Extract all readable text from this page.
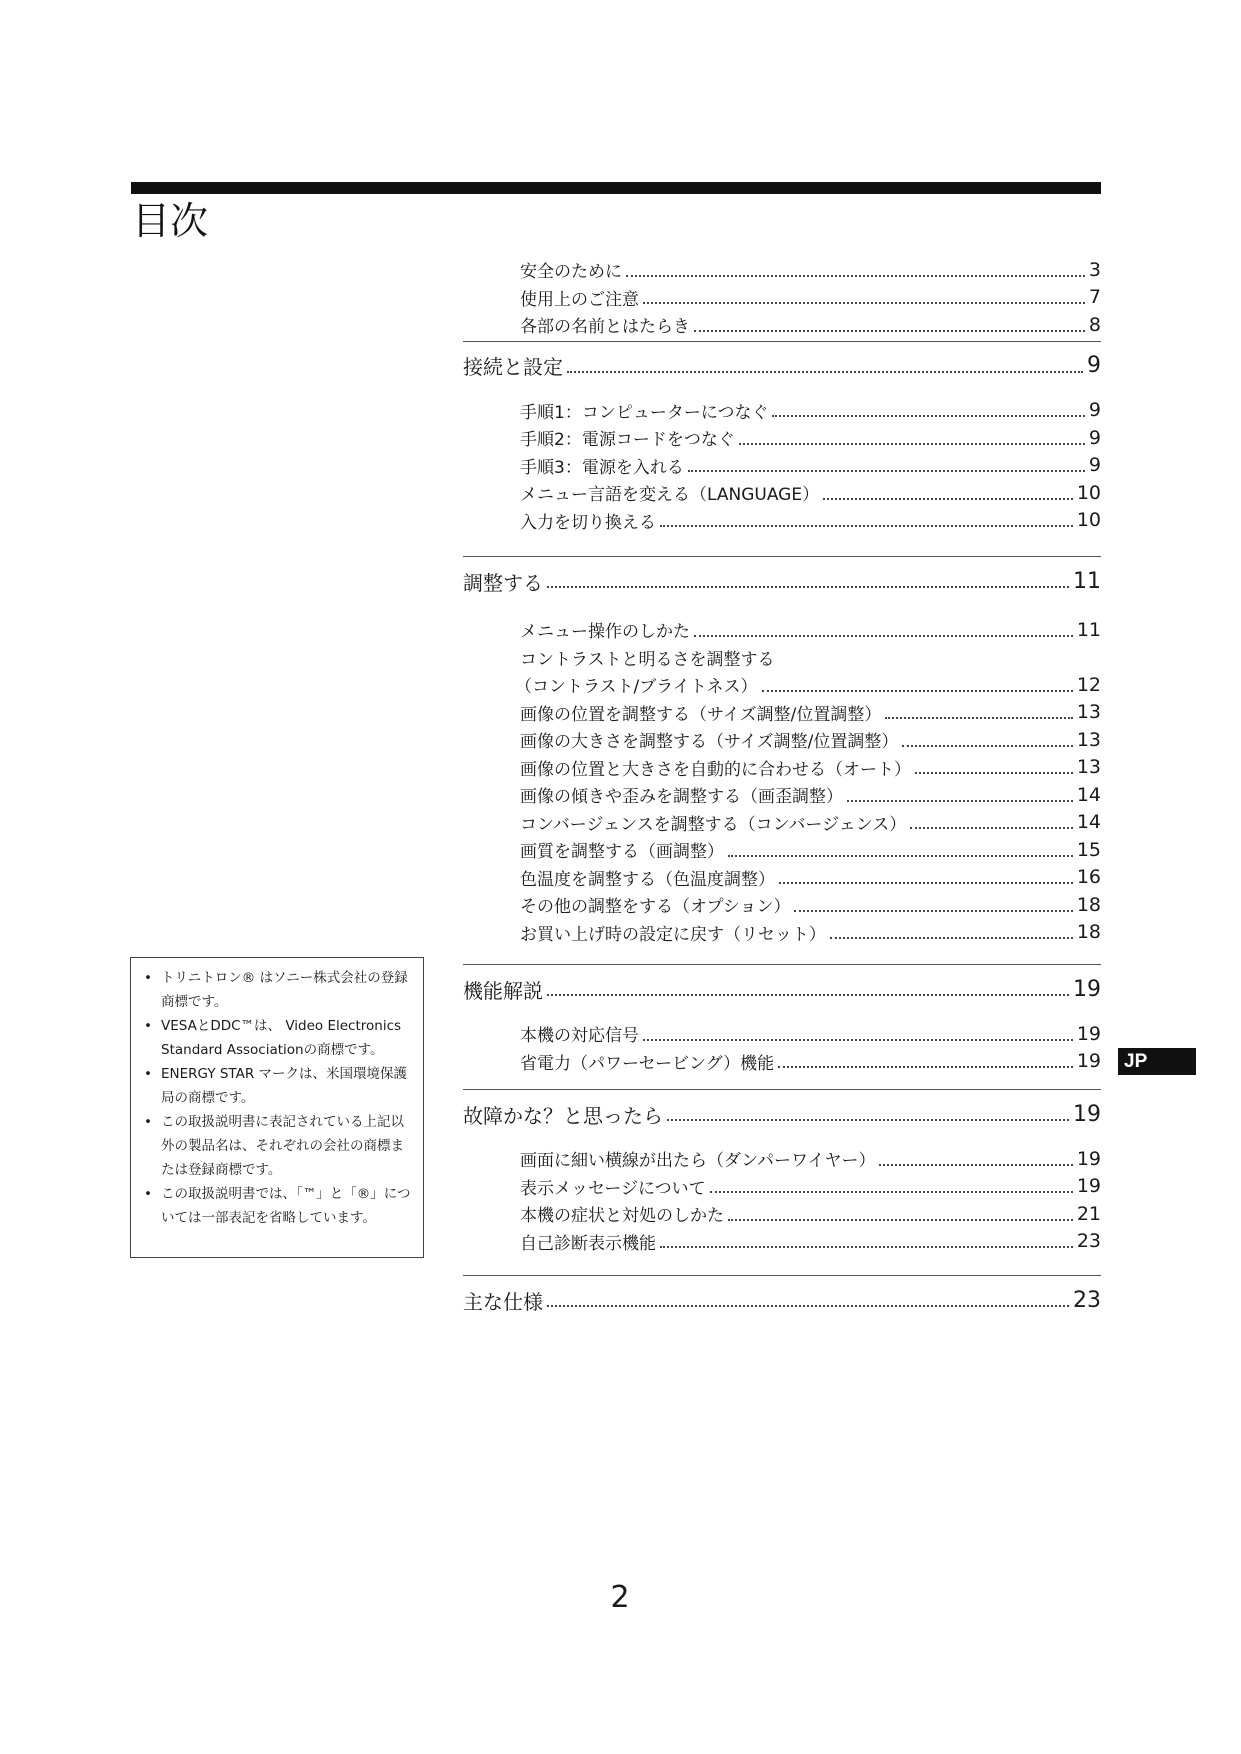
目次
安全のために	3
使用上のご注意	7
各部の名前とはたらき	8
接続と設定	9
手順1：コンピューターにつなぐ	9
手順2：電源コードをつなぐ	9
手順3：電源を入れる	9
メニュー言語を変える（LANGUAGE）	10
入力を切り換える	10
調整する	11
メニュー操作のしかた	11
コントラストと明るさを調整する
（コントラスト/ブライトネス）	12
画像の位置を調整する（サイズ調整/位置調整）	13
画像の大きさを調整する（サイズ調整/位置調整）	13
画像の位置と大きさを自動的に合わせる（オート）	13
画像の傾きや歪みを調整する（画歪調整）	14
コンバージェンスを調整する（コンバージェンス）	14
画質を調整する（画調整）	15
色温度を調整する（色温度調整）	16
その他の調整をする（オプション）	18
お買い上げ時の設定に戻す（リセット）	18
機能解説	19
本機の対応信号	19
省電力（パワーセービング）機能	19
故障かな？と思ったら	19
画面に細い横線が出たら（ダンパーワイヤー）	19
表示メッセージについて	19
本機の症状と対処のしかた	21
自己診断表示機能	23
主な仕様	23
• トリニトロン® はソニー株式会社の登録商標です。
• VESAとDDC™は、 Video Electronics Standard Associationの商標です。
• ENERGY STAR マークは、米国環境保護局の商標です。
• この取扱説明書に表記されている上記以外の製品名は、それぞれの会社の商標または登録商標です。
• この取扱説明書では、「™」と「®」については一部表記を省略しています。
JP
2
